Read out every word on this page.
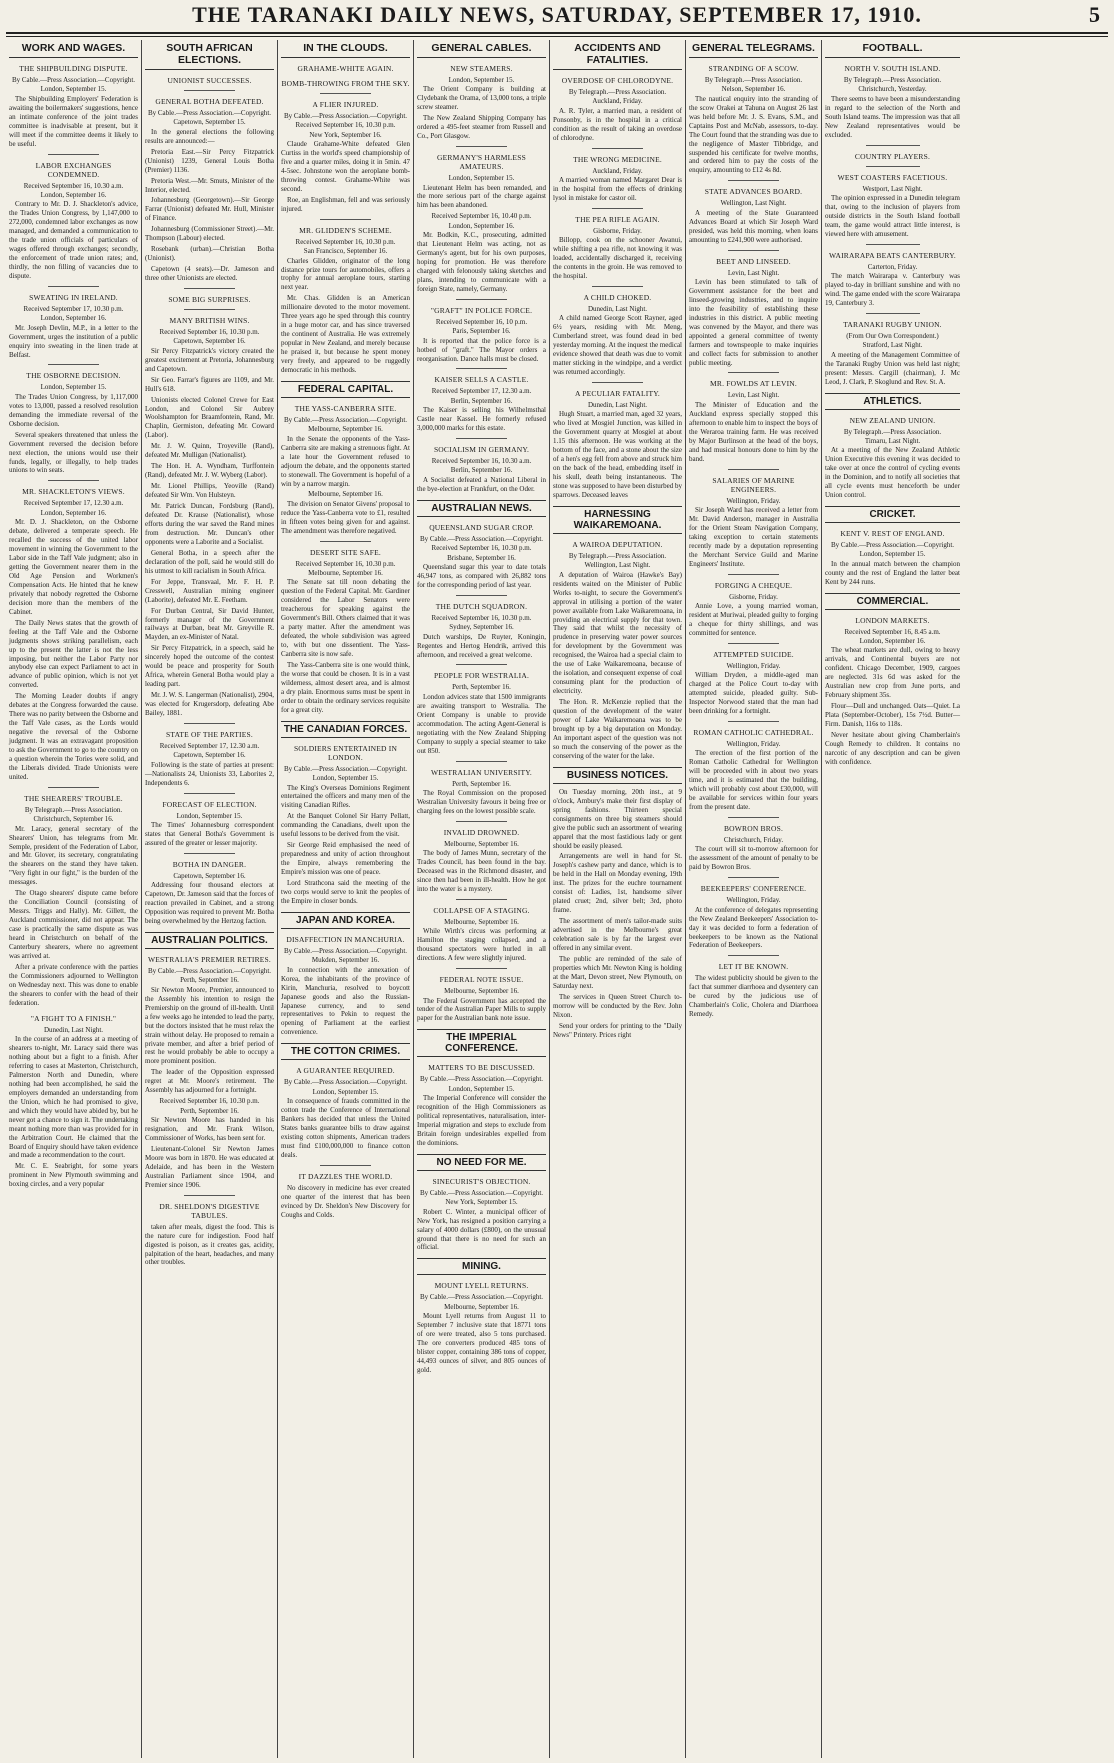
THE TARANAKI DAILY NEWS, SATURDAY, SEPTEMBER 17, 1910.	5
WORK AND WAGES.
THE SHIPBUILDING DISPUTE.
By Cable.—Press Association.—Copyright.
London, September 15.

The Shipbuilding Employers' Federation is awaiting the boilermakers' suggestions, hence an intimate conference of the joint trades committee is inadvisable at present, but it will meet if the committee deems it likely to be useful.

LABOR EXCHANGES CONDEMNED.
Received September 16, 10.30 a.m.
London, September 16.

Contrary to Mr. D. J. Shackleton's advice, the Trades Union Congress, by 1,147,000 to 272,000, condemned labor exchanges as now managed, and demanded a communication to the trade union officials of particulars of wages offered through exchanges; secondly, the enforcement of trade union rates; and, thirdly, the non filling of vacancies due to dispute.

SWEATING IN IRELAND.
Received September 17, 10.30 p.m.
London, September 16.

Mr. Joseph Devlin, M.P., in a letter to the Government, urges the institution of a public enquiry into sweating in the linen trade at Belfast.

THE OSBORNE DECISION.
London, September 15.

The Trades Union Congress, by 1,117,000 votes to 13,000, passed a resolved resolution demanding the immediate reversal of the Osborne decision.

Several speakers threatened that unless the Government reversed the decision before next election, the unions would use their funds, legally, or illegally, to help trades unions to win seats.

MR. SHACKLETON'S VIEWS.
Received September 17, 12.30 a.m.
London, September 16.

Mr. D. J. Shackleton, on the Osborne debate, delivered a temperate speech. He recalled the success of the united labor movement in winning the Government to the Labor side in the Taff Vale judgment; also in getting the Government nearer them in the Old Age Pension and Workmen's Compensation Acts. He hinted that he knew privately that nobody regretted the Osborne decision more than the members of the Cabinet.

The Daily News states that the growth of feeling at the Taff Vale and the Osborne judgments shows striking parallelism, each up to the present the latter is not the less imposing, but neither the Labor Party nor anybody else can expect Parliament to act in advance of public opinion, which is not yet converted.

The Morning Leader doubts if angry debates at the Congress forwarded the cause. There was no parity between the Osborne and the Taff Vale cases, as the Lords would negative the reversal of the Osborne judgment. It was an extravagant proposition to ask the Government to go to the country on a question wherein the Tories were solid, and the Liberals divided. Trade Unionists were united.

THE SHEARERS' TROUBLE.
By Telegraph.—Press Association.
Christchurch, September 16.

Mr. Laracy, general secretary of the Shearers' Union, has telegrams from Mr. Semple, president of the Federation of Labor, and Mr. Glover, its secretary, congratulating the shearers on the stand they have taken. "Very fight in our fight," is the burden of the messages.

The Otago shearers' dispute came before the Conciliation Council (consisting of Messrs. Triggs and Hally). Mr. Gillett, the Auckland commissioner, did not appear. The case is practically the same dispute as was heard in Christchurch on behalf of the Canterbury shearers, where no agreement was arrived at.

After a private conference with the parties the Commissioners adjourned to Wellington on Wednesday next. This was done to enable the shearers to confer with the head of their federation.

"A FIGHT TO A FINISH."
Dunedin, Last Night.

In the course of an address at a meeting of shearers to-night, Mr. Laracy said there was nothing about but a fight to a finish. After referring to cases at Masterton, Christchurch, Palmerston North and Dunedin, where nothing had been accomplished, he said the employers demanded an understanding from the Union, which he had promised to give, and which they would have abided by, but he never got a chance to sign it. The undertaking meant nothing more than was provided for in the Arbitration Court. He claimed that the Board of Enquiry should have taken evidence and made a recommendation to the court.

Mr. C. E. Seabright, for some years prominent in New Plymouth swimming and boxing circles, and a very popular

SOUTH AFRICAN ELECTIONS.
UNIONIST SUCCESSES.
GENERAL BOTHA DEFEATED.
By Cable.—Press Association.—Copyright.
Capetown, September 15.

In the general elections the following results are announced:—

Pretoria East.—Sir Percy Fitzpatrick (Unionist) 1239, General Louis Botha (Premier) 1136.

Pretoria West.—Mr. Smuts, Minister of the Interior, elected.

Johannesburg (Georgetown).—Sir George Farrar (Unionist) defeated Mr. Hull, Minister of Finance.

Johannesburg (Commissioner Street).—Mr. Thompson (Labour) elected.

Rosebank (urban).—Christian Botha (Unionist).

Capetown (4 seats).—Dr. Jameson and three other Unionists are elected.

SOME BIG SURPRISES.
MANY BRITISH WINS.
Received September 16, 10.30 p.m.
Capetown, September 16.

Sir Percy Fitzpatrick's victory created the greatest excitement at Pretoria, Johannesburg and Capetown.

Sir Geo. Farrar's figures are 1109, and Mr. Hull's 618.

Unionists elected Colonel Crewe for East London, and Colonel Sir Aubrey Woolshampton for Braamfontein, Rand, Mr. Chaplin, Germiston, defeating Mr. Coward (Labor).

Mr. J. W. Quinn, Troyeville (Rand), defeated Mr. Mulligan (Nationalist).

The Hon. H. A. Wyndham, Turffontein (Rand), defeated Mr. J. W. Wyberg (Labor).

Mr. Lionel Phillips, Yeoville (Rand) defeated Sir Wm. Von Hulsteyn.

Mr. Patrick Duncan, Fordsburg (Rand), defeated Dr. Krause (Nationalist), whose efforts during the war saved the Rand mines from destruction. Mr. Duncan's other opponents were a Laborite and a Socialist.

General Botha, in a speech after the declaration of the poll, said he would still do his utmost to kill racialism in South Africa.

For Jeppe, Transvaal, Mr. F. H. P. Cresswell, Australian mining engineer (Laborite), defeated Mr. E. Feetham.

For Durban Central, Sir David Hunter, formerly manager of the Government railways at Durban, beat Mr. Greyville R. Mayden, an ex-Minister of Natal.

Sir Percy Fitzpatrick, in a speech, said he sincerely hoped the outcome of the contest would be peace and prosperity for South Africa, wherein General Botha would play a leading part.

Mr. J. W. S. Langerman (Nationalist), 2904, was elected for Krugersdorp, defeating Abe Bailey, 1881.

STATE OF THE PARTIES.
Received September 17, 12.30 a.m.
Capetown, September 16.

Following is the state of parties at present:—Nationalists 24, Unionists 33, Laborites 2, Independents 6.

FORECAST OF ELECTION.
London, September 15.

The Times' Johannesburg correspondent states that General Botha's Government is assured of the greater or lesser majority.

BOTHA IN DANGER.
Capetown, September 16.

Addressing four thousand electors at Capetown, Dr. Jameson said that the forces of reaction prevailed in Cabinet, and a strong Opposition was required to prevent Mr. Botha being overwhelmed by the Hertzog faction.

AUSTRALIAN POLITICS.
WESTRALIA'S PREMIER RETIRES.
By Cable.—Press Association.—Copyright.
Perth, September 16.

Sir Newton Moore, Premier, announced to the Assembly his intention to resign the Premiership on the ground of ill-health. Until a few weeks ago he intended to lead the party, but the doctors insisted that he must relax the strain without delay. He proposed to remain a private member, and after a brief period of rest he would probably be able to occupy a more prominent position.

The leader of the Opposition expressed regret at Mr. Moore's retirement. The Assembly has adjourned for a fortnight.

Received September 16, 10.30 p.m.
Perth, September 16.

Sir Newton Moore has handed in his resignation, and Mr. Frank Wilson, Commissioner of Works, has been sent for.

Lieutenant-Colonel Sir Newton James Moore was born in 1870. He was educated at Adelaide, and has been in the Western Australian Parliament since 1904, and Premier since 1906.

DR. SHELDON'S DIGESTIVE TABULES.

taken after meals, digest the food. This is the nature cure for indigestion. Food half digested is poison, as it creates gas, acidity, palpitation of the heart, headaches, and many other troubles.

IN THE CLOUDS.
GRAHAME-WHITE AGAIN.
BOMB-THROWING FROM THE SKY.
A FLIER INJURED.
By Cable.—Press Association.—Copyright.
Received September 16, 10.30 p.m.
New York, September 16.

Claude Grahame-White defeated Glen Curtiss in the world's speed championship of five and a quarter miles, doing it in 5min. 47 4-5sec. Johnstone won the aeroplane bomb-throwing contest. Grahame-White was second.

Roe, an Englishman, fell and was seriously injured.

MR. GLIDDEN'S SCHEME.
Received September 16, 10.30 p.m.
San Francisco, September 16.

Charles Glidden, originator of the long distance prize tours for automobiles, offers a trophy for annual aeroplane tours, starting next year.

Mr. Chas. Glidden is an American millionaire devoted to the motor movement. Three years ago he sped through this country in a huge motor car, and has since traversed the continent of Australia. He was extremely popular in New Zealand, and merely because he praised it, but because he spent money very freely, and appeared to be ruggedly democratic in his methods.

FEDERAL CAPITAL.
THE YASS-CANBERRA SITE.
By Cable.—Press Association.—Copyright.
Melbourne, September 16.

In the Senate the opponents of the Yass-Canberra site are making a strenuous fight. At a late hour the Government refused to adjourn the debate, and the opponents started to stonewall. The Government is hopeful of a win by a narrow margin.

Melbourne, September 16.

The division on Senator Givens' proposal to reduce the Yass-Canberra vote to £1, resulted in fifteen votes being given for and against. The amendment was therefore negatived.

DESERT SITE SAFE.
Received September 16, 10.30 p.m.
Melbourne, September 16.

The Senate sat till noon debating the question of the Federal Capital. Mr. Gardiner considered the Labor Senators were treacherous for speaking against the Government's Bill. Others claimed that it was a party matter. After the amendment was defeated, the whole subdivision was agreed to, with but one dissentient. The Yass-Canberra site is now safe.

The Yass-Canberra site is one would think, the worse that could be chosen. It is in a vast wilderness, almost desert area, and is almost a dry plain. Enormous sums must be spent in order to obtain the ordinary services requisite for a great city.

THE CANADIAN FORCES.
SOLDIERS ENTERTAINED IN LONDON.
By Cable.—Press Association.—Copyright.
London, September 15.

The King's Overseas Dominions Regiment entertained the officers and many men of the visiting Canadian Rifles.

At the Banquet Colonel Sir Harry Pellatt, commanding the Canadians, dwelt upon the useful lessons to be derived from the visit.

Sir George Reid emphasised the need of preparedness and unity of action throughout the Empire, always remembering the Empire's mission was one of peace.

Lord Strathcona said the meeting of the two corps would serve to knit the peoples of the Empire in closer bonds.

JAPAN AND KOREA.
DISAFFECTION IN MANCHURIA.
By Cable.—Press Association.—Copyright.
Mukden, September 16.

In connection with the annexation of Korea, the inhabitants of the province of Kirin, Manchuria, resolved to boycott Japanese goods and also the Russian-Japanese currency, and to send representatives to Pekin to request the opening of Parliament at the earliest convenience.

THE COTTON CRIMES.
A GUARANTEE REQUIRED.
By Cable.—Press Association.—Copyright.
London, September 15.

In consequence of frauds committed in the cotton trade the Conference of International Bankers has decided that unless the United States banks guarantee bills to draw against existing cotton shipments, American traders must find £100,000,000 to finance cotton deals.

IT DAZZLES THE WORLD.

No discovery in medicine has ever created one quarter of the interest that has been evinced by Dr. Sheldon's New Discovery for Coughs and Colds.

GENERAL CABLES.
NEW STEAMERS.
London, September 15.

The Orient Company is building at Clydebank the Orama, of 13,000 tons, a triple screw steamer.

The New Zealand Shipping Company has ordered a 495-feet steamer from Russell and Co., Port Glasgow.

GERMANY'S HARMLESS AMATEURS.
London, September 15.

Lieutenant Helm has been remanded, and the more serious part of the charge against him has been abandoned.

Received September 16, 10.40 p.m.
London, September 16.

Mr. Bodkin, K.C., prosecuting, admitted that Lieutenant Helm was acting, not as Germany's agent, but for his own purposes, hoping for promotion. He was therefore charged with felonously taking sketches and plans, intending to communicate with a foreign State, namely, Germany.

"GRAFT" IN POLICE FORCE.
Received September 16, 10 p.m.
Paris, September 16.

It is reported that the police force is a hotbed of "graft." The Mayor orders a reorganisation. Dance halls must be closed.

KAISER SELLS A CASTLE.
Received September 17, 12.30 a.m.
Berlin, September 16.

The Kaiser is selling his Wilhelmsthal Castle near Kassel. He formerly refused 3,000,000 marks for this estate.

SOCIALISM IN GERMANY.
Received September 16, 10.30 a.m.
Berlin, September 16.

A Socialist defeated a National Liberal in the bye-election at Frankfurt, on the Oder.

AUSTRALIAN NEWS.
QUEENSLAND SUGAR CROP.
By Cable.—Press Association.—Copyright.
Received September 16, 10.30 p.m.
Brisbane, September 16.

Queensland sugar this year to date totals 46,947 tons, as compared with 26,882 tons for the corresponding period of last year.

THE DUTCH SQUADRON.
Received September 16, 10.30 p.m.
Sydney, September 16.

Dutch warships, De Ruyter, Koningin, Regentes and Hertog Hendrik, arrived this afternoon, and received a great welcome.

PEOPLE FOR WESTRALIA.
Perth, September 16.

London advices state that 1500 immigrants are awaiting transport to Westralia. The Orient Company is unable to provide accommodation. The acting Agent-General is negotiating with the New Zealand Shipping Company to supply a special steamer to take out 850.

WESTRALIAN UNIVERSITY.
Perth, September 16.

The Royal Commission on the proposed Westralian University favours it being free or charging fees on the lowest possible scale.

INVALID DROWNED.
Melbourne, September 16.

The body of James Munn, secretary of the Trades Council, has been found in the bay. Deceased was in the Richmond disaster, and since then had been in ill-health. How he got into the water is a mystery.

COLLAPSE OF A STAGING.
Melbourne, September 16.

While Wirth's circus was performing at Hamilton the staging collapsed, and a thousand spectators were hurled in all directions. A few were slightly injured.

FEDERAL NOTE ISSUE.
Melbourne, September 16.

The Federal Government has accepted the tender of the Australian Paper Mills to supply paper for the Australian bank note issue.

THE IMPERIAL CONFERENCE.
MATTERS TO BE DISCUSSED.
By Cable.—Press Association.—Copyright.
London, September 15.

The Imperial Conference will consider the recognition of the High Commissioners as political representatives, naturalisation, inter-Imperial migration and steps to exclude from Britain foreign undesirables expelled from the dominions.

NO NEED FOR ME.
SINECURIST'S OBJECTION.
By Cable.—Press Association.—Copyright.
New York, September 15.

Robert C. Winter, a municipal officer of New York, has resigned a position carrying a salary of 4000 dollars (£800), on the unusual ground that there is no need for such an official.

MINING.
MOUNT LYELL RETURNS.
By Cable.—Press Association.—Copyright.
Melbourne, September 16.

Mount Lyell returns from August 11 to September 7 inclusive state that 18771 tons of ore were treated, also 5 tons purchased. The ore converters produced 485 tons of blister copper, containing 386 tons of copper, 44,493 ounces of silver, and 805 ounces of gold.

ACCIDENTS AND FATALITIES.
OVERDOSE OF CHLORODYNE.
By Telegraph.—Press Association.
Auckland, Friday.

A. R. Tyler, a married man, a resident of Ponsonby, is in the hospital in a critical condition as the result of taking an overdose of chlorodyne.

THE WRONG MEDICINE.
Auckland, Friday.

A married woman named Margaret Dear is in the hospital from the effects of drinking lysol in mistake for castor oil.

THE PEA RIFLE AGAIN.
Gisborne, Friday.

Billopp, cook on the schooner Awanui, while shifting a pea rifle, not knowing it was loaded, accidentally discharged it, receiving the contents in the groin. He was removed to the hospital.

A CHILD CHOKED.
Dunedin, Last Night.

A child named George Scott Rayner, aged 6½ years, residing with Mr. Meng, Cumberland street, was found dead in bed yesterday morning. At the inquest the medical evidence showed that death was due to vomit matter sticking in the windpipe, and a verdict was returned accordingly.

A PECULIAR FATALITY.
Dunedin, Last Night.

Hugh Stuart, a married man, aged 32 years, who lived at Mosgiel Junction, was killed in the Government quarry at Mosgiel at about 1.15 this afternoon. He was working at the bottom of the face, and a stone about the size of a hen's egg fell from above and struck him on the back of the head, embedding itself in his skull, death being instantaneous. The stone was supposed to have been disturbed by sparrows. Deceased leaves

HARNESSING WAIKAREMOANA.
A WAIROA DEPUTATION.
By Telegraph.—Press Association.
Wellington, Last Night.

A deputation of Wairoa (Hawke's Bay) residents waited on the Minister of Public Works to-night, to secure the Government's approval in utilising a portion of the water power available from Lake Waikaremoana, in providing an electrical supply for that town. They said that whilst the necessity of prudence in preserving water power sources for development by the Government was recognised, the Wairoa had a special claim to the use of Lake Waikaremoana, because of the isolation, and consequent expense of coal consuming plant for the production of electricity.

The Hon. R. McKenzie replied that the question of the development of the water power of Lake Waikaremoana was to be brought up by a big deputation on Monday. An important aspect of the question was not so much the conserving of the power as the conserving of the water for the lake.

BUSINESS NOTICES.

On Tuesday morning, 20th inst., at 9 o'clock, Ambury's make their first display of spring fashions. Thirteen special consignments on three big steamers should give the public such an assortment of wearing apparel that the most fastidious lady or gent should be easily pleased.

Arrangements are well in hand for St. Joseph's cashew party and dance, which is to be held in the Hall on Monday evening, 19th inst. The prizes for the euchre tournament consist of: Ladies, 1st, handsome silver plated cruet; 2nd, silver belt; 3rd, photo frame.

The assortment of men's tailor-made suits advertised in the Melbourne's great celebration sale is by far the largest ever offered in any similar event.

The public are reminded of the sale of properties which Mr. Newton King is holding at the Mart, Devon street, New Plymouth, on Saturday next.

The services in Queen Street Church to-morrow will be conducted by the Rev. John Nixon.

Send your orders for printing to the "Daily News" Printery. Prices right

GENERAL TELEGRAMS.
STRANDING OF A SCOW.
By Telegraph.—Press Association.
Nelson, September 16.

The nautical enquiry into the stranding of the scow Orakei at Tahuna on August 26 last was held before Mr. J. S. Evans, S.M., and Captains Post and McNab, assessors, to-day. The Court found that the stranding was due to the negligence of Master Tibbridge, and suspended his certificate for twelve months, and ordered him to pay the costs of the enquiry, amounting to £12 4s 8d.

STATE ADVANCES BOARD.
Wellington, Last Night.

A meeting of the State Guaranteed Advances Board at which Sir Joseph Ward presided, was held this morning, when loans amounting to £241,900 were authorised.

BEET AND LINSEED.
Levin, Last Night.

Levin has been stimulated to talk of Government assistance for the beet and linseed-growing industries, and to inquire into the feasibility of establishing these industries in this district. A public meeting was convened by the Mayor, and there was appointed a general committee of twenty farmers and townspeople to make inquiries and collect facts for submission to another public meeting.

MR. FOWLDS AT LEVIN.
Levin, Last Night.

The Minister of Education and the Auckland express specially stopped this afternoon to enable him to inspect the boys of the Weraroa training farm. He was received by Major Burlinson at the head of the boys, and had musical honours done to him by the band.

SALARIES OF MARINE ENGINEERS.
Wellington, Friday.

Sir Joseph Ward has received a letter from Mr. David Anderson, manager in Australia for the Orient Steam Navigation Company, taking exception to certain statements recently made by a deputation representing the Merchant Service Guild and Marine Engineers' Institute.

FORGING A CHEQUE.
Gisborne, Friday.

Annie Love, a young married woman, resident at Muriwai, pleaded guilty to forging a cheque for thirty shillings, and was committed for sentence.

ATTEMPTED SUICIDE.
Wellington, Friday.

William Dryden, a middle-aged man charged at the Police Court to-day with attempted suicide, pleaded guilty. Sub-Inspector Norwood stated that the man had been drinking for a fortnight.

ROMAN CATHOLIC CATHEDRAL.
Wellington, Friday.

The erection of the first portion of the Roman Catholic Cathedral for Wellington will be proceeded with in about two years time, and it is estimated that the building, which will probably cost about £30,000, will be available for services within four years from the present date.

BOWRON BROS.
Christchurch, Friday.

The court will sit to-morrow afternoon for the assessment of the amount of penalty to be paid by Bowron Bros.

BEEKEEPERS' CONFERENCE.
Wellington, Friday.

At the conference of delegates representing the New Zealand Beekeepers' Association to-day it was decided to form a federation of beekeepers to be known as the National Federation of Beekeepers.

LET IT BE KNOWN.

The widest publicity should be given to the fact that summer diarrhoea and dysentery can be cured by the judicious use of Chamberlain's Colic, Cholera and Diarrhoea Remedy.

FOOTBALL.
NORTH V. SOUTH ISLAND.
By Telegraph.—Press Association.
Christchurch, Yesterday.

There seems to have been a misunderstanding in regard to the selection of the North and South Island teams. The impression was that all New Zealand representatives would be excluded.

COUNTRY PLAYERS.
WEST COASTERS FACETIOUS.
Westport, Last Night.

The opinion expressed in a Dunedin telegram that, owing to the inclusion of players from outside districts in the South Island football team, the game would attract little interest, is viewed here with amusement.

WAIRARAPA BEATS CANTERBURY.
Carterton, Friday.

The match Wairarapa v. Canterbury was played to-day in brilliant sunshine and with no wind. The game ended with the score Wairarapa 19, Canterbury 3.

TARANAKI RUGBY UNION.
(From Our Own Correspondent.)
Stratford, Last Night.

A meeting of the Management Committee of the Taranaki Rugby Union was held last night; present: Messrs. Cargill (chairman), J. Mc Leod, J. Clark, P. Skoglund and Rev. St. A.

ATHLETICS.
NEW ZEALAND UNION.
By Telegraph.—Press Association.
Timaru, Last Night.

At a meeting of the New Zealand Athletic Union Executive this evening it was decided to take over at once the control of cycling events in the Dominion, and to notify all societies that all cycle events must henceforth be under Union control.

CRICKET.
KENT V. REST OF ENGLAND.
By Cable.—Press Association.—Copyright.
London, September 15.

In the annual match between the champion county and the rest of England the latter beat Kent by 244 runs.

COMMERCIAL.
LONDON MARKETS.
Received September 16, 8.45 a.m.
London, September 16.

The wheat markets are dull, owing to heavy arrivals, and Continental buyers are not confident. Chicago December, 1909, cargoes are neglected. 31s 6d was asked for the Australian new crop from June ports, and February shipment 35s.

Flour—Dull and unchanged. Oats—Quiet. La Plata (September-October), 15s 7½d. Butter—Firm. Danish, 116s to 118s.

Never hesitate about giving Chamberlain's Cough Remedy to children. It contains no narcotic of any description and can be given with confidence.
